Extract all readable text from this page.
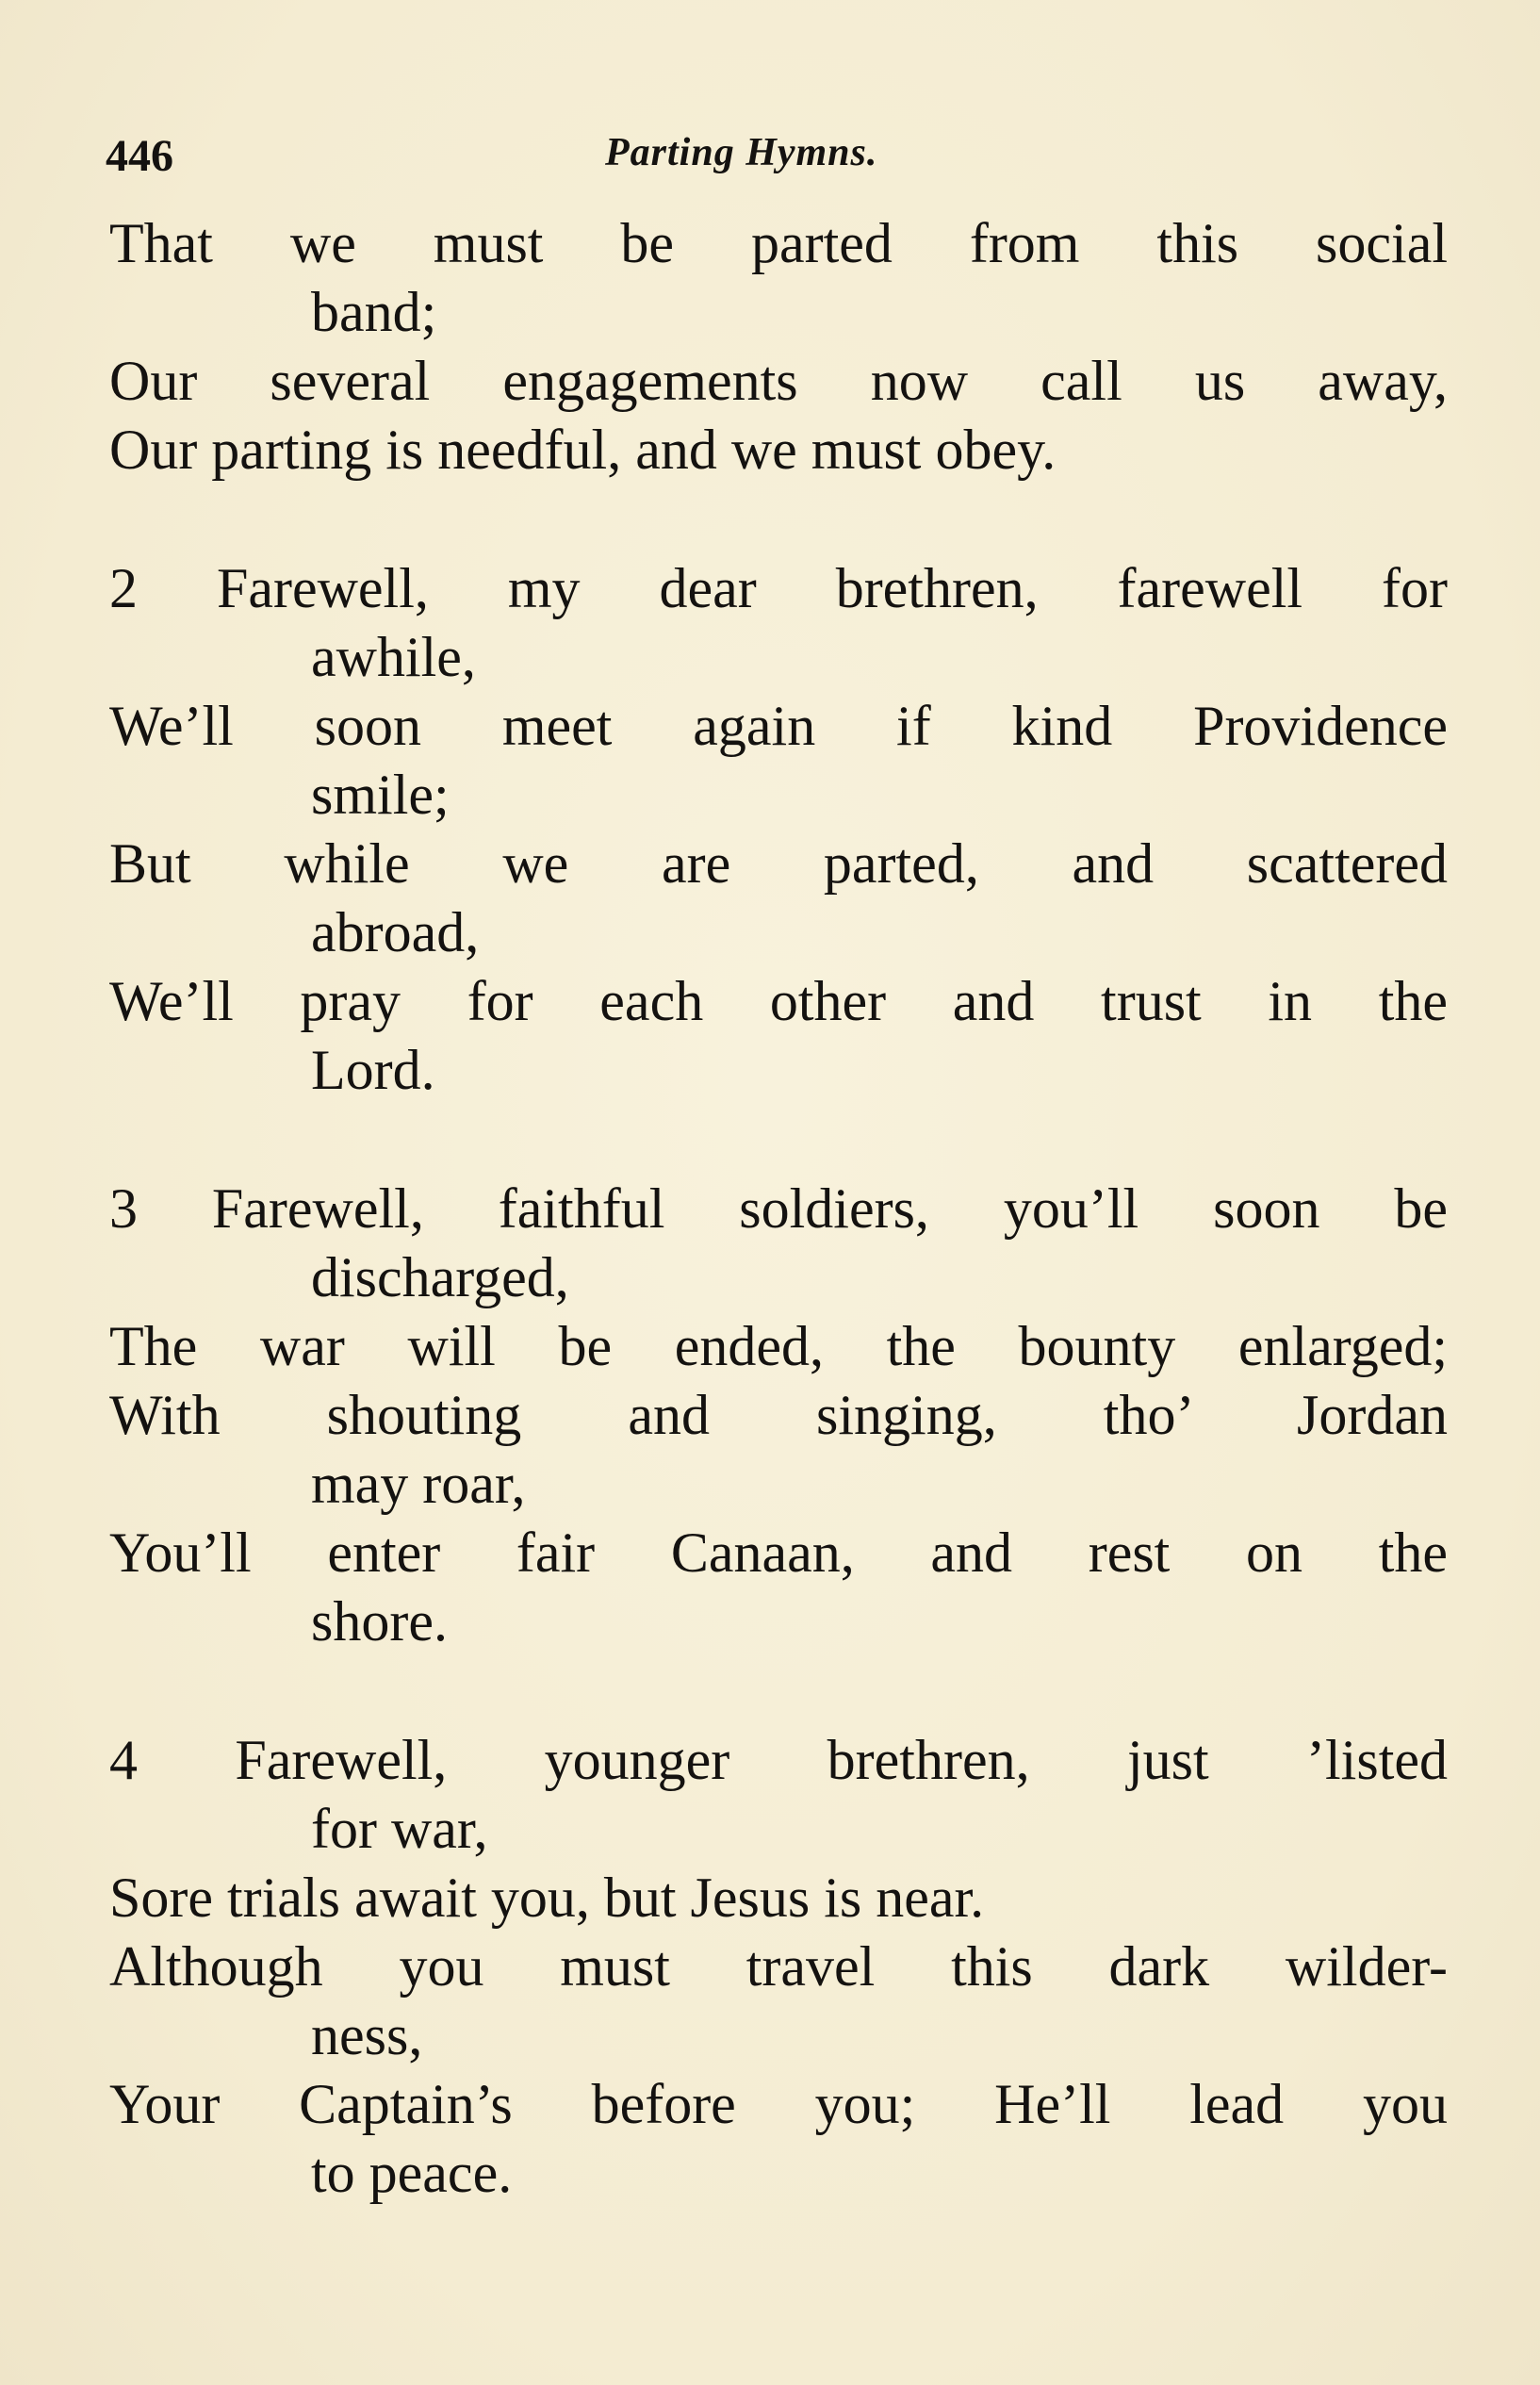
446	Parting Hymns.
That we must be parted from this social
band;
Our several engagements now call us away,
Our parting is needful, and we must obey.
2 Farewell, my dear brethren, farewell for
awhile,
We’ll soon meet again if kind Providence
smile;
But while we are parted, and scattered
abroad,
We’ll pray for each other and trust in the
Lord.
3 Farewell, faithful soldiers, you’ll soon be
discharged,
The war will be ended, the bounty enlarged;
With shouting and singing, tho’ Jordan
may roar,
You’ll enter fair Canaan, and rest on the
shore.
4 Farewell, younger brethren, just ’listed
for war,
Sore trials await you, but Jesus is near.
Although you must travel this dark wilder-
ness,
Your Captain’s before you; He’ll lead you
to peace.
